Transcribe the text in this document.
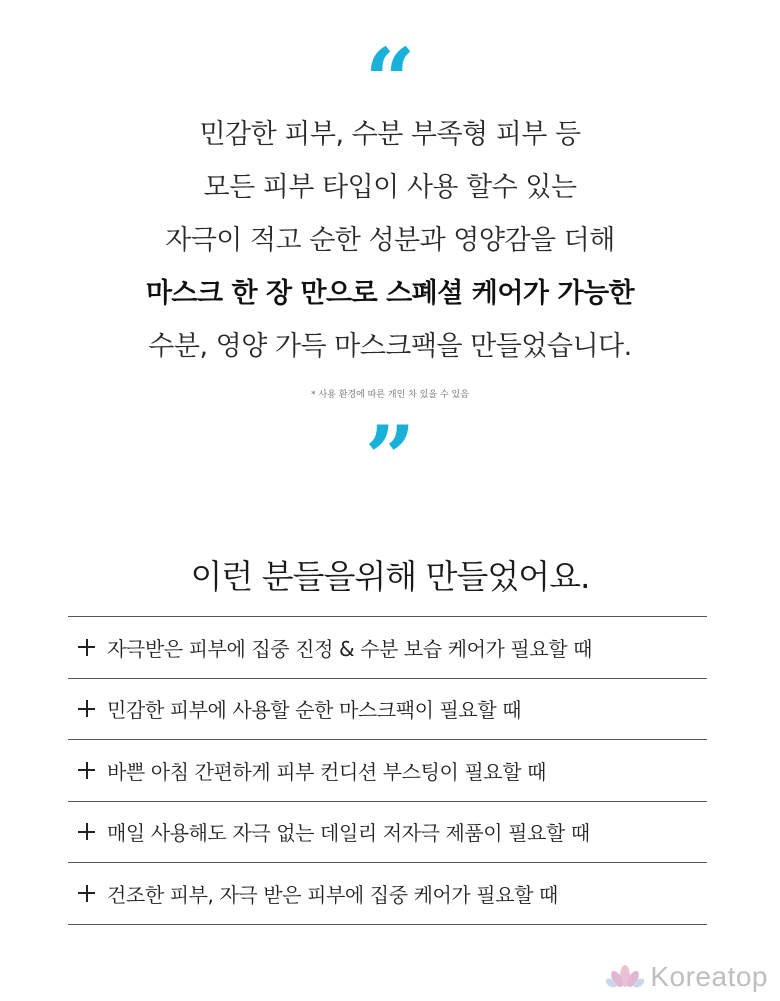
“
민감한 피부, 수분 부족형 피부 등
모든 피부 타입이 사용 할수 있는
자극이 적고 순한 성분과 영양감을 더해
마스크 한 장 만으로 스폐셜 케어가 가능한
수분, 영양 가득 마스크팩을 만들었습니다.
* 사용 환경에 따른 개인 차 있을 수 있음
”
이런 분들을위해 만들었어요.
자극받은 피부에 집중 진정 & 수분 보습 케어가 필요할 때
민감한 피부에 사용할 순한 마스크팩이 필요할 때
바쁜 아침 간편하게 피부 컨디션 부스팅이 필요할 때
매일 사용해도 자극 없는 데일리 저자극 제품이 필요할 때
건조한 피부, 자극 받은 피부에 집중 케어가 필요할 때
Koreatop
